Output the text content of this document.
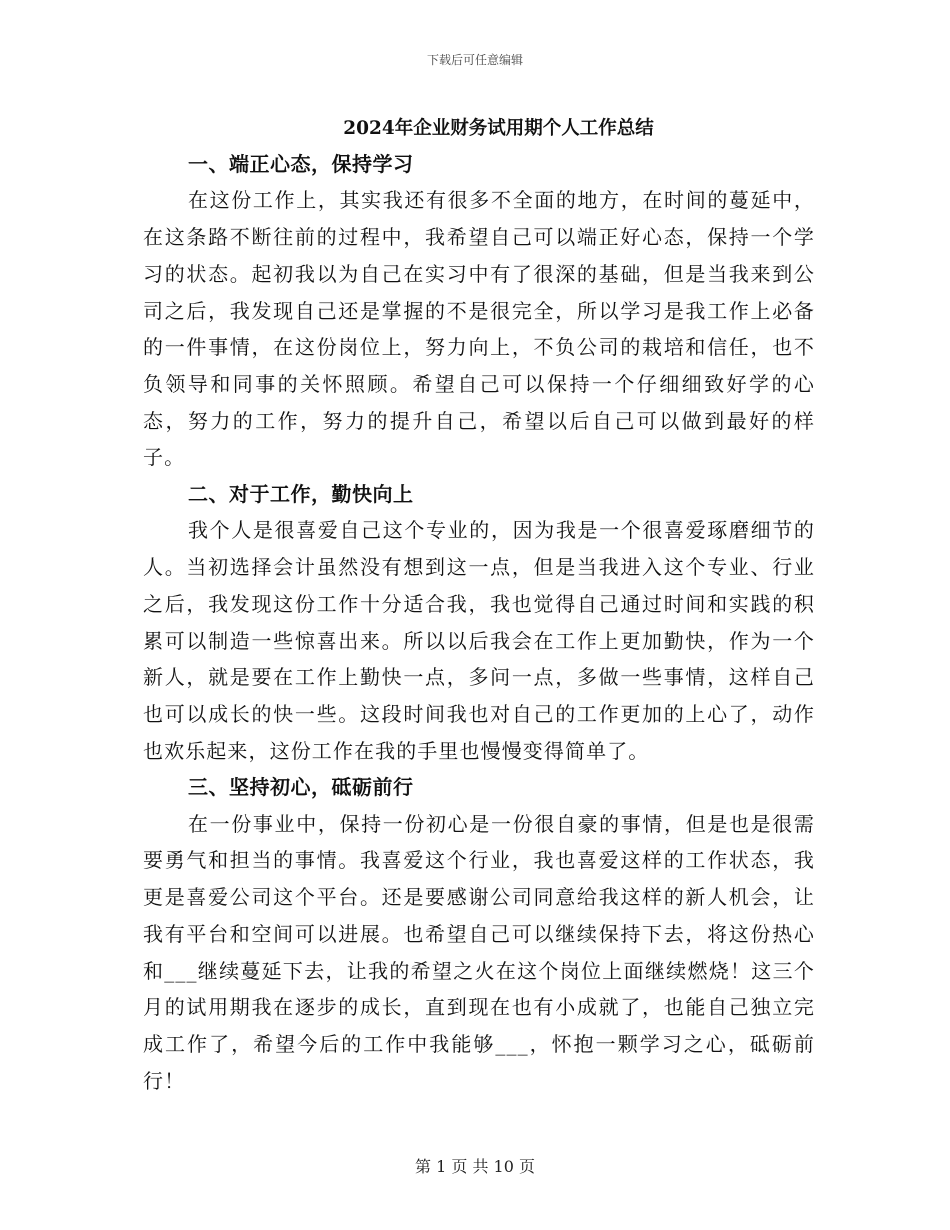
下载后可任意编辑
2024年企业财务试用期个人工作总结

一、端正心态，保持学习

在这份工作上，其实我还有很多不全面的地方，在时间的蔓延中，在这条路不断往前的过程中，我希望自己可以端正好心态，保持一个学习的状态。起初我以为自己在实习中有了很深的基础，但是当我来到公司之后，我发现自己还是掌握的不是很完全，所以学习是我工作上必备的一件事情，在这份岗位上，努力向上，不负公司的栽培和信任，也不负领导和同事的关怀照顾。希望自己可以保持一个仔细细致好学的心态，努力的工作，努力的提升自己，希望以后自己可以做到最好的样子。

二、对于工作，勤快向上

我个人是很喜爱自己这个专业的，因为我是一个很喜爱琢磨细节的人。当初选择会计虽然没有想到这一点，但是当我进入这个专业、行业之后，我发现这份工作十分适合我，我也觉得自己通过时间和实践的积累可以制造一些惊喜出来。所以以后我会在工作上更加勤快，作为一个新人，就是要在工作上勤快一点，多问一点，多做一些事情，这样自己也可以成长的快一些。这段时间我也对自己的工作更加的上心了，动作也欢乐起来，这份工作在我的手里也慢慢变得简单了。

三、坚持初心，砥砺前行

在一份事业中，保持一份初心是一份很自豪的事情，但是也是很需要勇气和担当的事情。我喜爱这个行业，我也喜爱这样的工作状态，我更是喜爱公司这个平台。还是要感谢公司同意给我这样的新人机会，让我有平台和空间可以进展。也希望自己可以继续保持下去，将这份热心和___继续蔓延下去，让我的希望之火在这个岗位上面继续燃烧！这三个月的试用期我在逐步的成长，直到现在也有小成就了，也能自己独立完成工作了，希望今后的工作中我能够___，怀抱一颗学习之心，砥砺前行！

第 1 页 共 10 页
